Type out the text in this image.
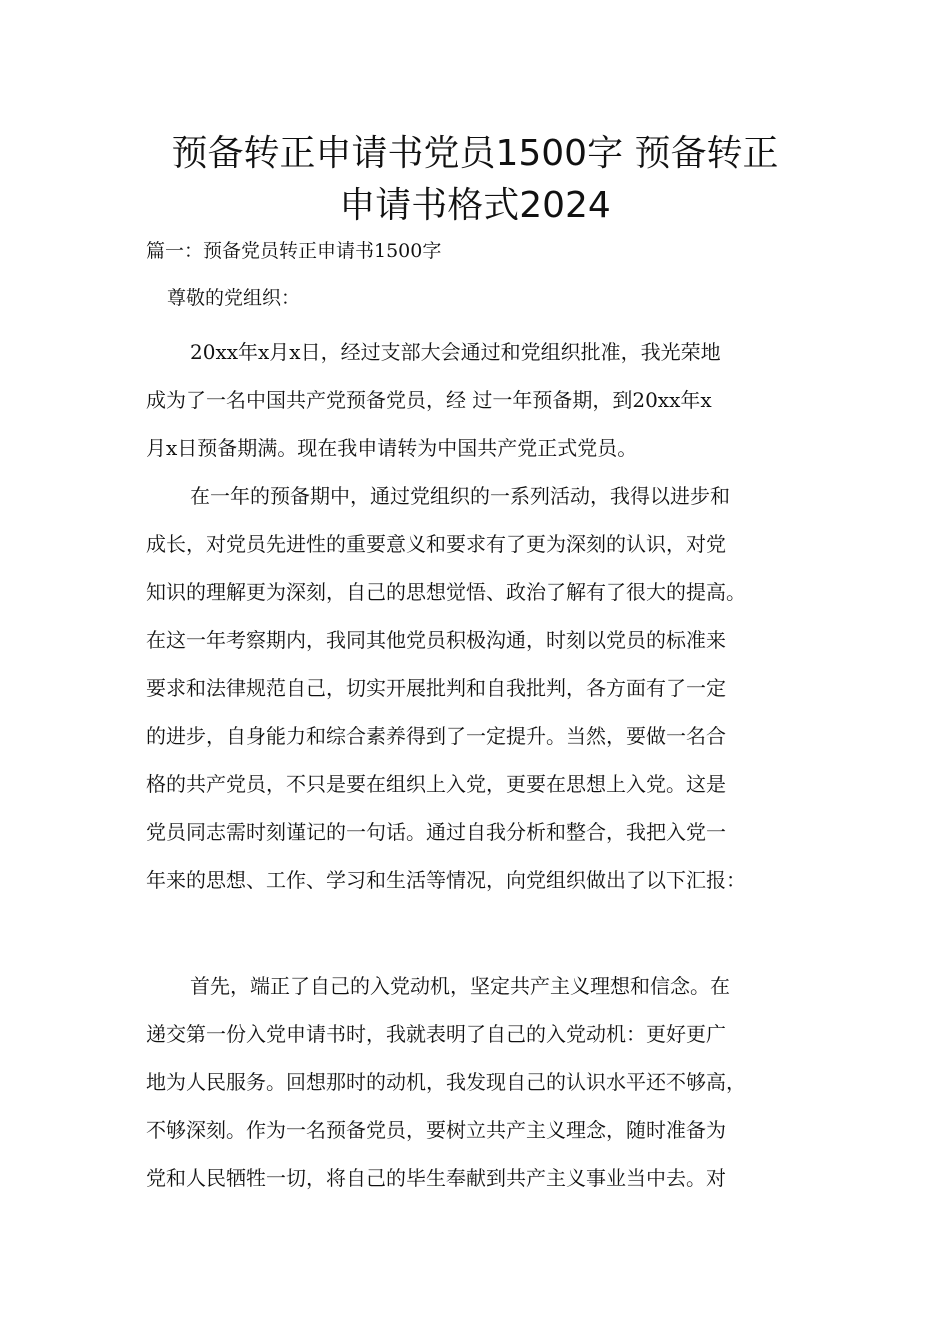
预备转正申请书党员1500字 预备转正
申请书格式2024

篇一：预备党员转正申请书1500字

尊敬的党组织：

20xx年x月x日，经过支部大会通过和党组织批准，我光荣地
成为了一名中国共产党预备党员，经 过一年预备期，到20xx年x
月x日预备期满。现在我申请转为中国共产党正式党员。
在一年的预备期中，通过党组织的一系列活动，我得以进步和
成长，对党员先进性的重要意义和要求有了更为深刻的认识，对党
知识的理解更为深刻，自己的思想觉悟、政治了解有了很大的提高。
在这一年考察期内，我同其他党员积极沟通，时刻以党员的标准来
要求和法律规范自己，切实开展批判和自我批判，各方面有了一定
的进步，自身能力和综合素养得到了一定提升。当然，要做一名合
格的共产党员，不只是要在组织上入党，更要在思想上入党。这是
党员同志需时刻谨记的一句话。通过自我分析和整合，我把入党一
年来的思想、工作、学习和生活等情况，向党组织做出了以下汇报：
首先，端正了自己的入党动机，坚定共产主义理想和信念。在
递交第一份入党申请书时，我就表明了自己的入党动机：更好更广
地为人民服务。回想那时的动机，我发现自己的认识水平还不够高，
不够深刻。作为一名预备党员，要树立共产主义理念，随时准备为
党和人民牺牲一切，将自己的毕生奉献到共产主义事业当中去。对
